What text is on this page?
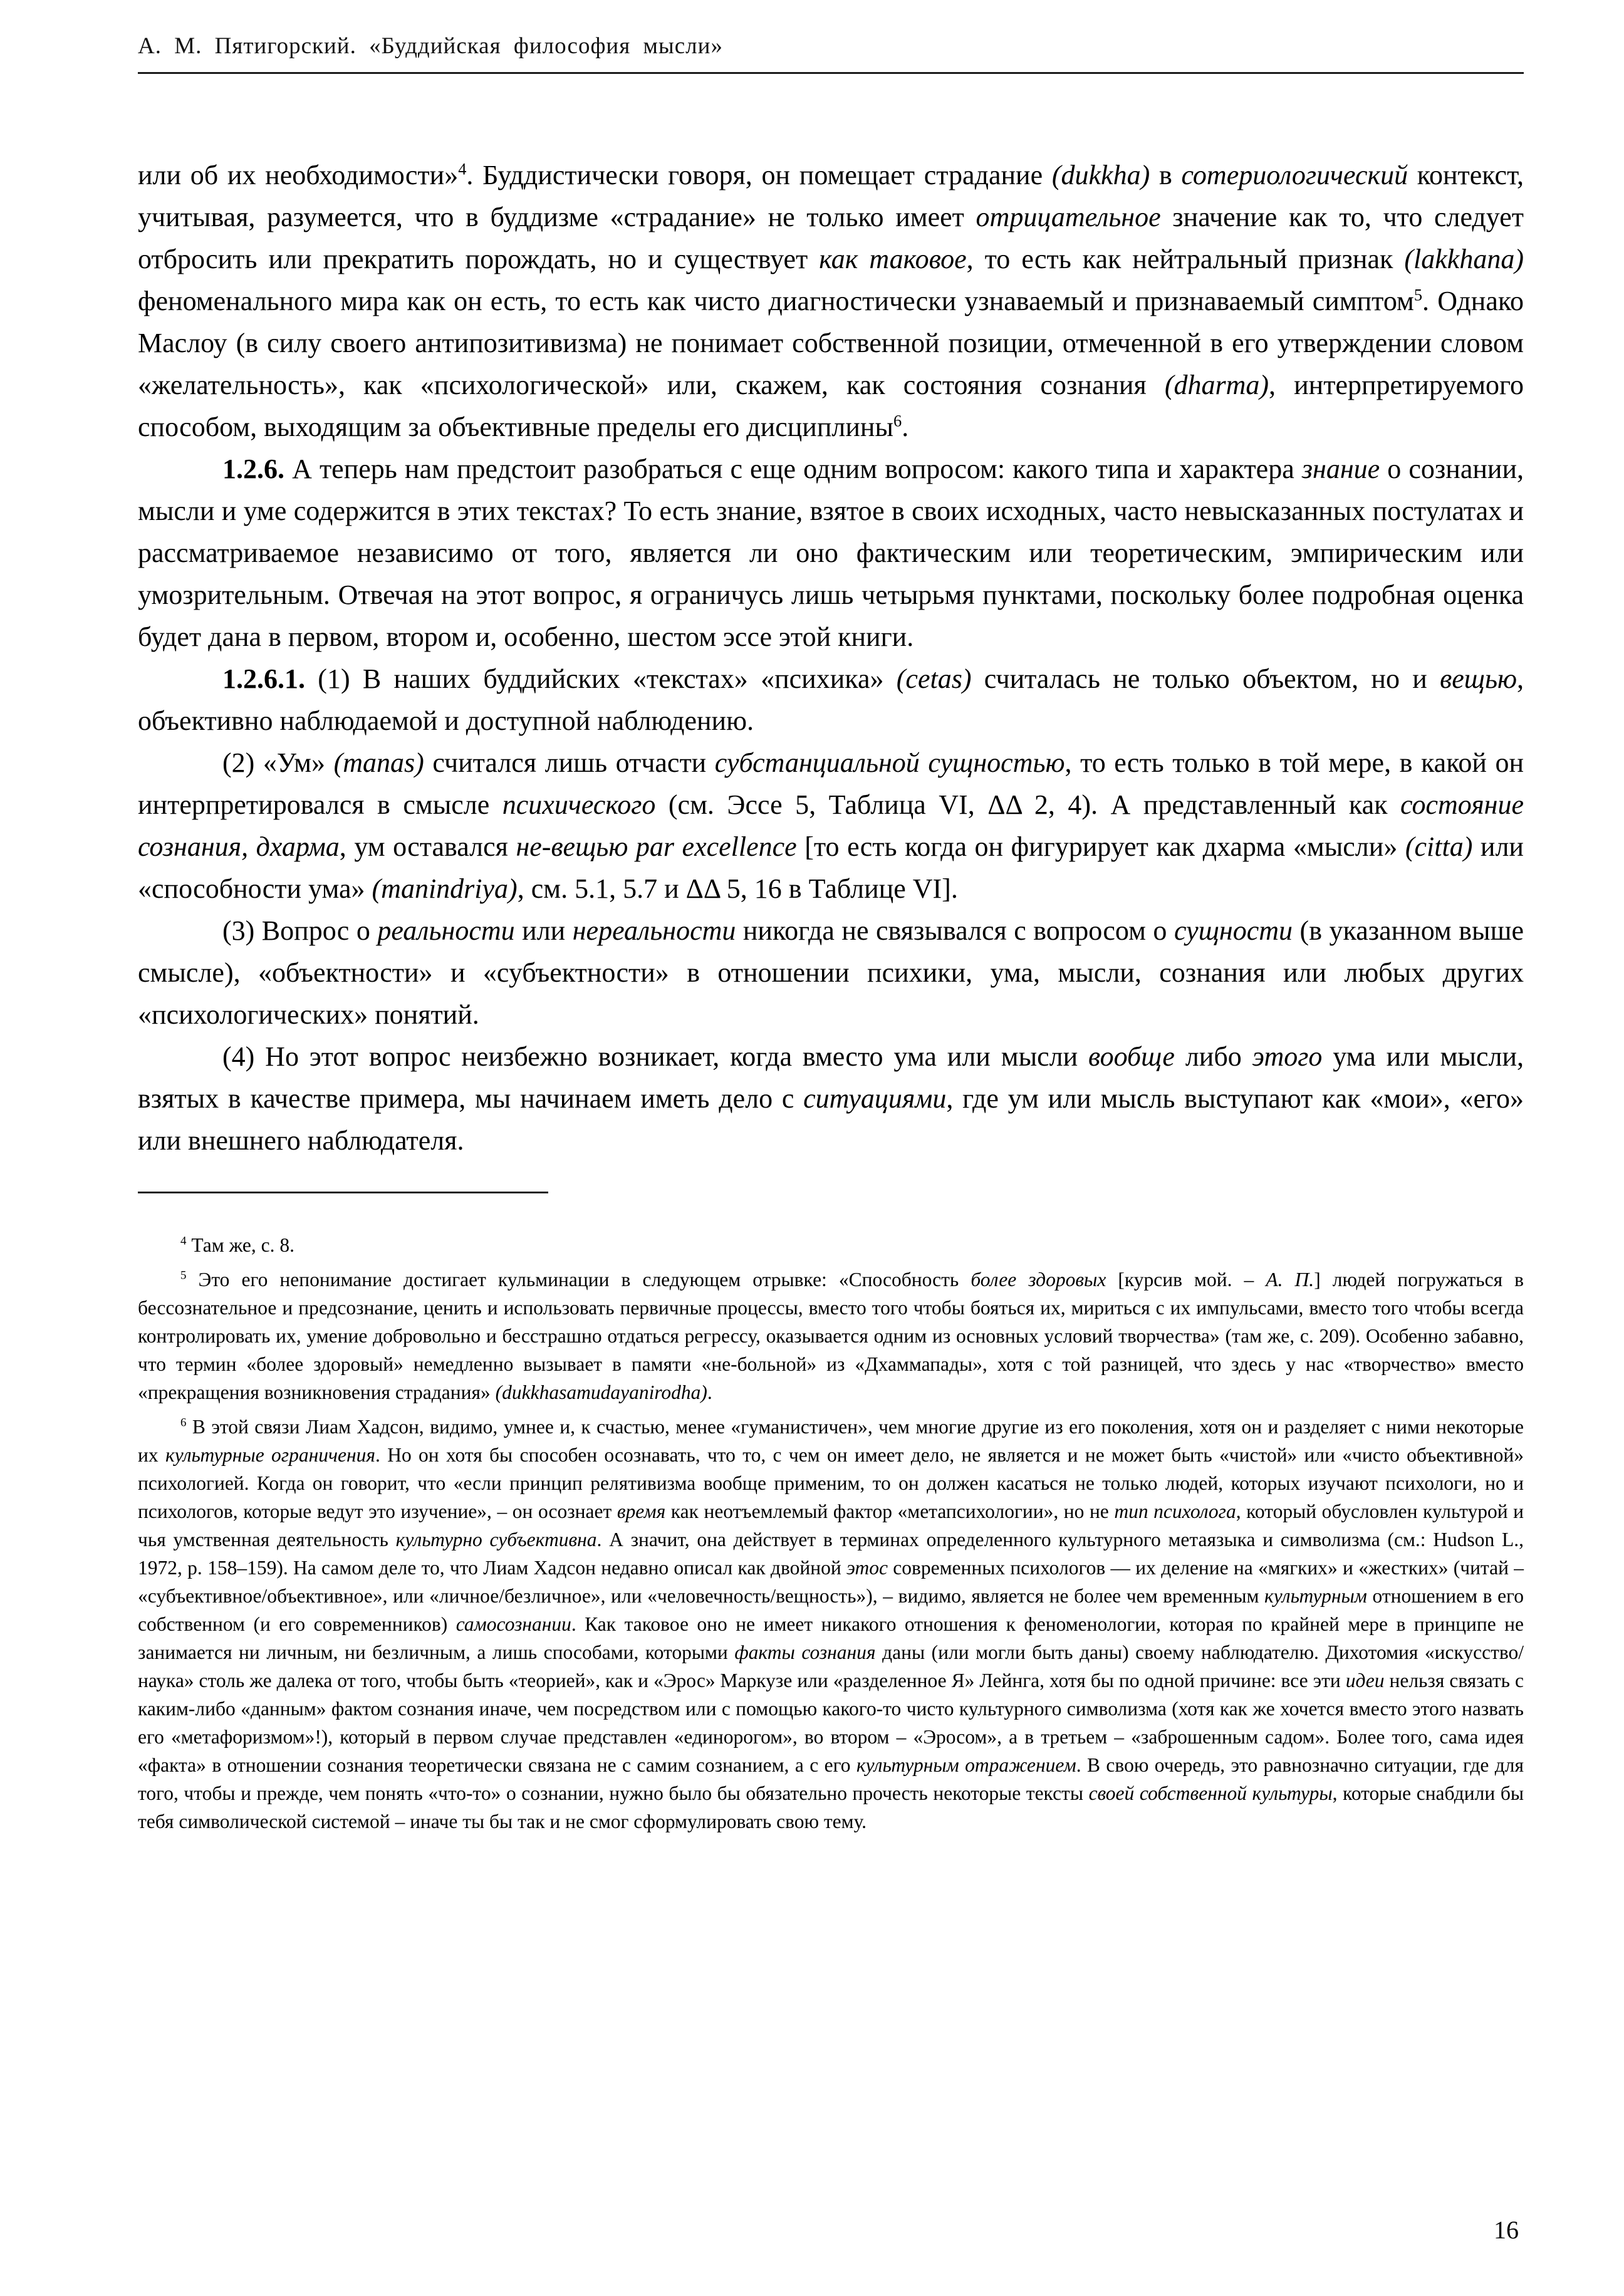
А. М. Пятигорский. «Буддийская философия мысли»

или об их необходимости»$^4$. Буддистически говоря, он помещает страдание (dukkha) в сотериологический контекст, учитывая, разумеется, что в буддизме «страдание» не только имеет отрицательное значение как то, что следует отбросить или прекратить порождать, но и существует как таковое, то есть как нейтральный признак (lakkhana) феноменального мира как он есть, то есть как чисто диагностически узнаваемый и признаваемый симптом$^5$. Однако Маслоу (в силу своего антипозитивизма) не понимает собственной позиции, отмеченной в его утверждении словом «желательность», как «психологической» или, скажем, как состояния сознания (dharma), интерпретируемого способом, выходящим за объективные пределы его дисциплины$^6$.

1.2.6. А теперь нам предстоит разобраться с еще одним вопросом: какого типа и характера знание о сознании, мысли и уме содержится в этих текстах? То есть знание, взятое в своих исходных, часто невысказанных постулатах и рассматриваемое независимо от того, является ли оно фактическим или теоретическим, эмпирическим или умозрительным. Отвечая на этот вопрос, я ограничусь лишь четырьмя пунктами, поскольку более подробная оценка будет дана в первом, втором и, особенно, шестом эссе этой книги.

1.2.6.1. (1) В наших буддийских «текстах» «психика» (cetas) считалась не только объектом, но и вещью, объективно наблюдаемой и доступной наблюдению.

(2) «Ум» (manas) считался лишь отчасти субстанциальной сущностью, то есть только в той мере, в какой он интерпретировался в смысле психического (см. Эссе 5, Таблица VI, ΔΔ 2, 4). А представленный как состояние сознания, дхарма, ум оставался не-вещью par excellence [то есть когда он фигурирует как дхарма «мысли» (citta) или «способности ума» (manindriya), см. 5.1, 5.7 и ΔΔ 5, 16 в Таблице VI].

(3) Вопрос о реальности или нереальности никогда не связывался с вопросом о сущности (в указанном выше смысле), «объектности» и «субъектности» в отношении психики, ума, мысли, сознания или любых других «психологических» понятий.

(4) Но этот вопрос неизбежно возникает, когда вместо ума или мысли вообще либо этого ума или мысли, взятых в качестве примера, мы начинаем иметь дело с ситуациями, где ум или мысль выступают как «мои», «его» или внешнего наблюдателя.

$^4$ Там же, с. 8.

$^5$ Это его непонимание достигает кульминации в следующем отрывке: «Способность более здоровых [курсив мой. – А. П.] людей погружаться в бессознательное и предсознание, ценить и использовать первичные процессы, вместо того чтобы бояться их, мириться с их импульсами, вместо того чтобы всегда контролировать их, умение добровольно и бесстрашно отдаться регрессу, оказывается одним из основных условий творчества» (там же, с. 209). Особенно забавно, что термин «более здоровый» немедленно вызывает в памяти «не-больной» из «Дхаммапады», хотя с той разницей, что здесь у нас «творчество» вместо «прекращения возникновения страдания» (dukkhasamudayanirodha).

$^6$ В этой связи Лиам Хадсон, видимо, умнее и, к счастью, менее «гуманистичен», чем многие другие из его поколения, хотя он и разделяет с ними некоторые их культурные ограничения. Но он хотя бы способен осознавать, что то, с чем он имеет дело, не является и не может быть «чистой» или «чисто объективной» психологией. Когда он говорит, что «если принцип релятивизма вообще применим, то он должен касаться не только людей, которых изучают психологи, но и психологов, которые ведут это изучение», – он осознает время как неотъемлемый фактор «метапсихологии», но не тип психолога, который обусловлен культурой и чья умственная деятельность культурно субъективна. А значит, она действует в терминах определенного культурного метаязыка и символизма (см.: Hudson L., 1972, p. 158–159). На самом деле то, что Лиам Хадсон недавно описал как двойной этос современных психологов — их деление на «мягких» и «жестких» (читай – «субъективное/объективное», или «личное/безличное», или «человечность/вещность»), – видимо, является не более чем временным культурным отношением в его собственном (и его современников) самосознании. Как таковое оно не имеет никакого отношения к феноменологии, которая по крайней мере в принципе не занимается ни личным, ни безличным, а лишь способами, которыми факты сознания даны (или могли быть даны) своему наблюдателю. Дихотомия «искусство/наука» столь же далека от того, чтобы быть «теорией», как и «Эрос» Маркузе или «разделенное Я» Лейнга, хотя бы по одной причине: все эти идеи нельзя связать с каким-либо «данным» фактом сознания иначе, чем посредством или с помощью какого-то чисто культурного символизма (хотя как же хочется вместо этого назвать его «метафоризмом»!), который в первом случае представлен «единорогом», во втором – «Эросом», а в третьем – «заброшенным садом». Более того, сама идея «факта» в отношении сознания теоретически связана не с самим сознанием, а с его культурным отражением. В свою очередь, это равнозначно ситуации, где для того, чтобы и прежде, чем понять «что-то» о сознании, нужно было бы обязательно прочесть некоторые тексты своей собственной культуры, которые снабдили бы тебя символической системой – иначе ты бы так и не смог сформулировать свою тему.

16
